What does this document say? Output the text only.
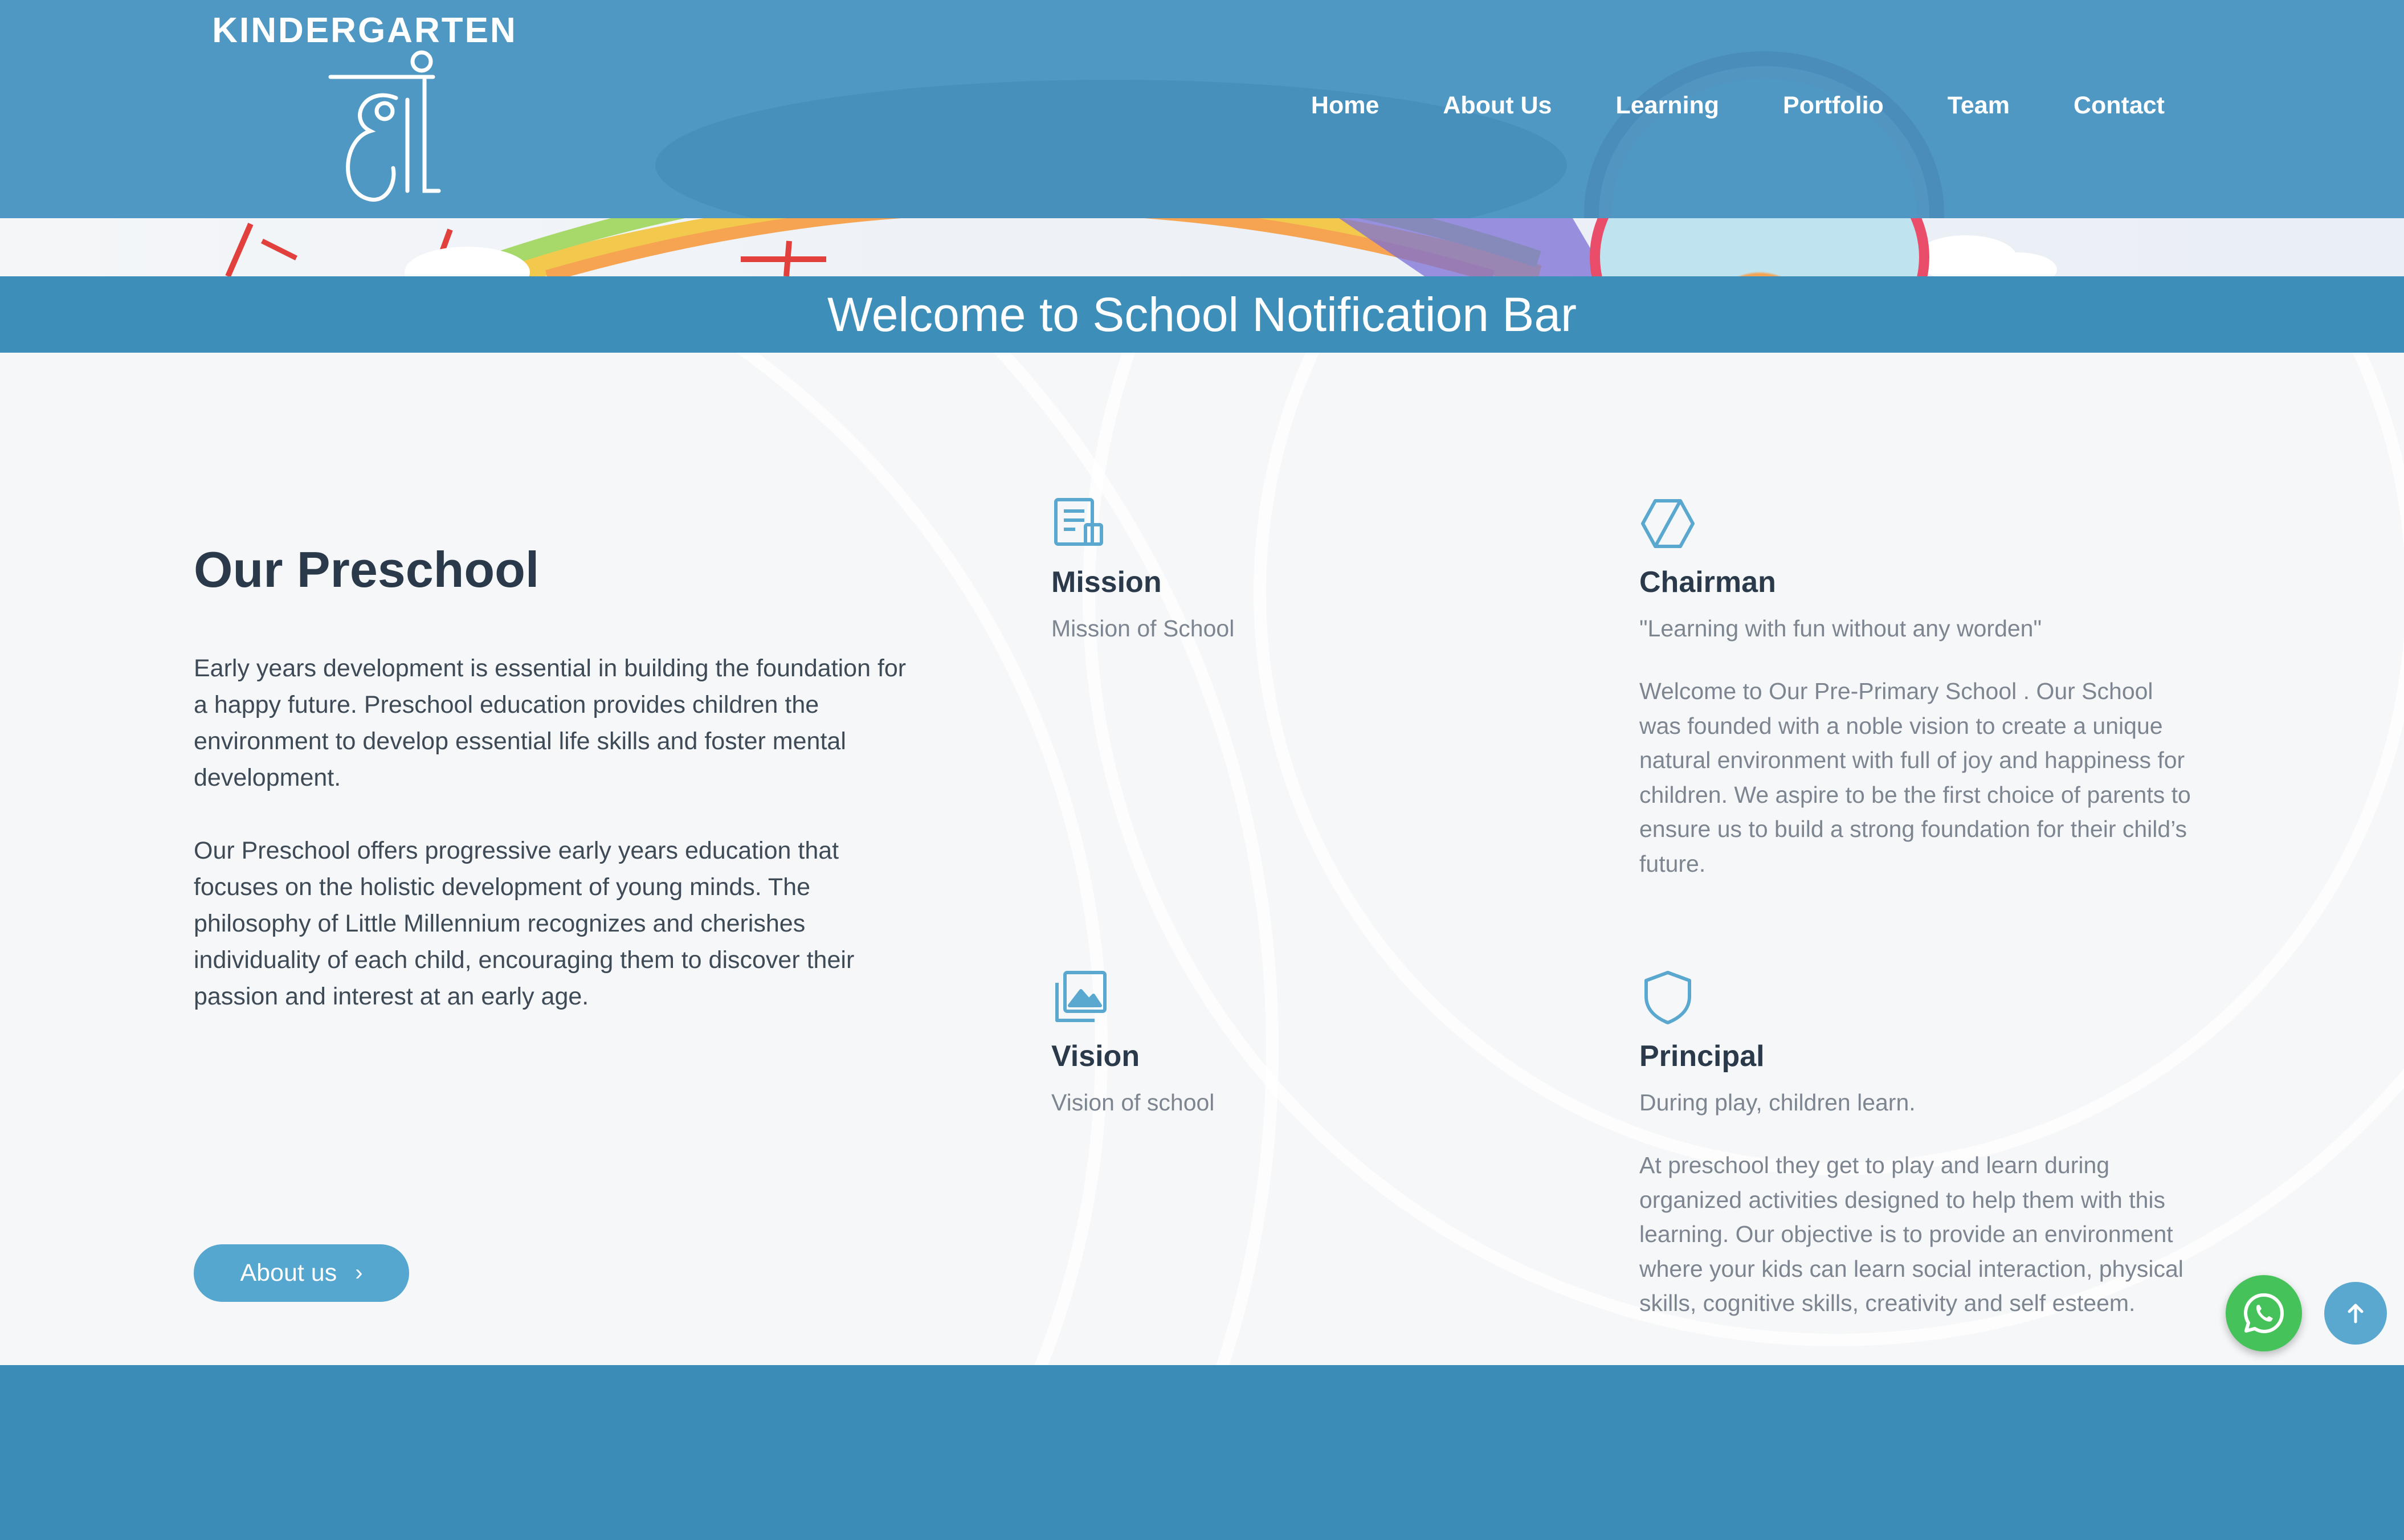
KINDERGARTEN
Home	About Us	Learning	Portfolio	Team	Contact
Welcome to School Notification Bar
Our Preschool

Early years development is essential in building the foundation for a happy future. Preschool education provides children the environment to develop essential life skills and foster mental development.

Our Preschool offers progressive early years education that focuses on the holistic development of young minds. The philosophy of Little Millennium recognizes and cherishes individuality of each child, encouraging them to discover their passion and interest at an early age.

About us ›
Mission

Mission of School

Chairman

"Learning with fun without any worden"

Welcome to Our Pre-Primary School . Our School was founded with a noble vision to create a unique natural environment with full of joy and happiness for children. We aspire to be the first choice of parents to ensure us to build a strong foundation for their child’s future.

Vision

Vision of school

Principal

During play, children learn.

At preschool they get to play and learn during organized activities designed to help them with this learning. Our objective is to provide an environment where your kids can learn social interaction, physical skills, cognitive skills, creativity and self esteem.
